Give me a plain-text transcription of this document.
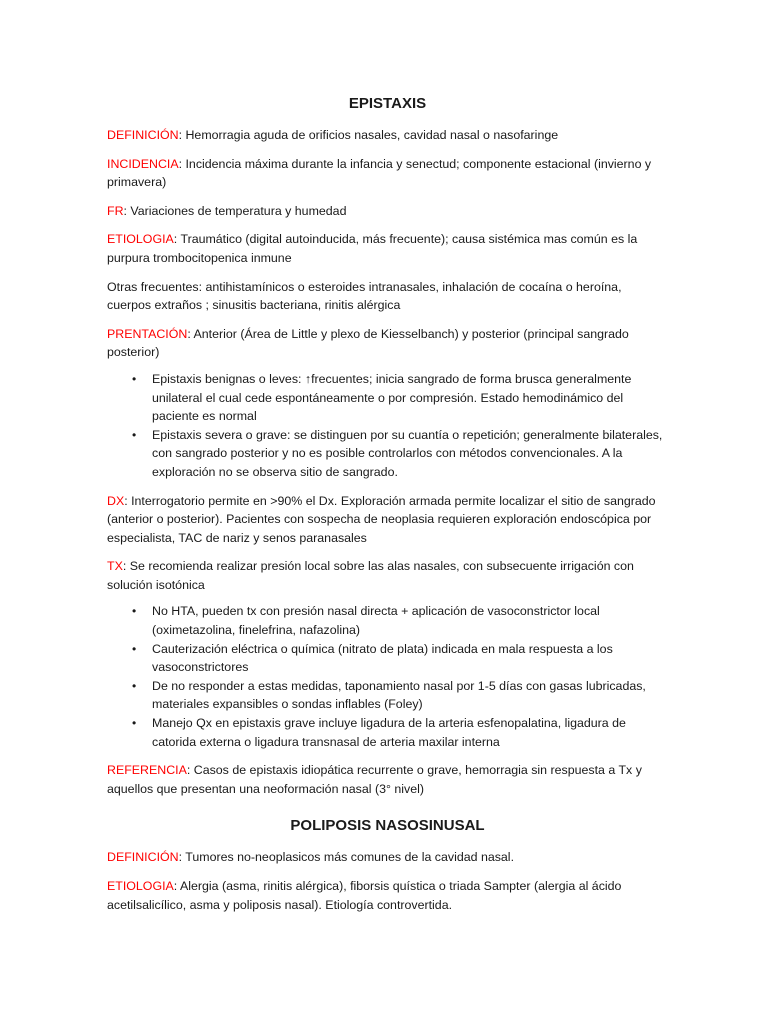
EPISTAXIS

DEFINICIÓN: Hemorragia aguda de orificios nasales, cavidad nasal o nasofaringe

INCIDENCIA: Incidencia máxima durante la infancia y senectud; componente estacional (invierno y primavera)

FR: Variaciones de temperatura y humedad

ETIOLOGIA: Traumático (digital autoinducida, más frecuente); causa sistémica mas común es la purpura trombocitopenica inmune

Otras frecuentes: antihistamínicos o esteroides intranasales, inhalación de cocaína o heroína, cuerpos extraños ; sinusitis bacteriana, rinitis alérgica

PRENTACIÓN: Anterior (Área de Little y plexo de Kiesselbanch) y posterior (principal sangrado posterior)

• Epistaxis benignas o leves: ↑frecuentes; inicia sangrado de forma brusca generalmente unilateral el cual cede espontáneamente o por compresión. Estado hemodinámico del paciente es normal
• Epistaxis severa o grave: se distinguen por su cuantía o repetición; generalmente bilaterales, con sangrado posterior y no es posible controlarlos con métodos convencionales. A la exploración no se observa sitio de sangrado.

DX: Interrogatorio permite en >90% el Dx. Exploración armada permite localizar el sitio de sangrado (anterior o posterior). Pacientes con sospecha de neoplasia requieren exploración endoscópica por especialista, TAC de nariz y senos paranasales

TX: Se recomienda realizar presión local sobre las alas nasales, con subsecuente irrigación con solución isotónica

• No HTA, pueden tx con presión nasal directa + aplicación de vasoconstrictor local (oximetazolina, finelefrina, nafazolina)
• Cauterización eléctrica o química (nitrato de plata) indicada en mala respuesta a los vasoconstrictores
• De no responder a estas medidas, taponamiento nasal por 1-5 días con gasas lubricadas, materiales expansibles o sondas inflables (Foley)
• Manejo Qx en epistaxis grave incluye ligadura de la arteria esfenopalatina, ligadura de catorida externa o ligadura transnasal de arteria maxilar interna

REFERENCIA: Casos de epistaxis idiopática recurrente o grave, hemorragia sin respuesta a Tx y aquellos que presentan una neoformación nasal (3° nivel)

POLIPOSIS NASOSINUSAL

DEFINICIÓN: Tumores no-neoplasicos más comunes de la cavidad nasal.

ETIOLOGIA: Alergia (asma, rinitis alérgica), fiborsis quística o triada Sampter (alergia al ácido acetilsalicílico, asma y poliposis nasal). Etiología controvertida.
